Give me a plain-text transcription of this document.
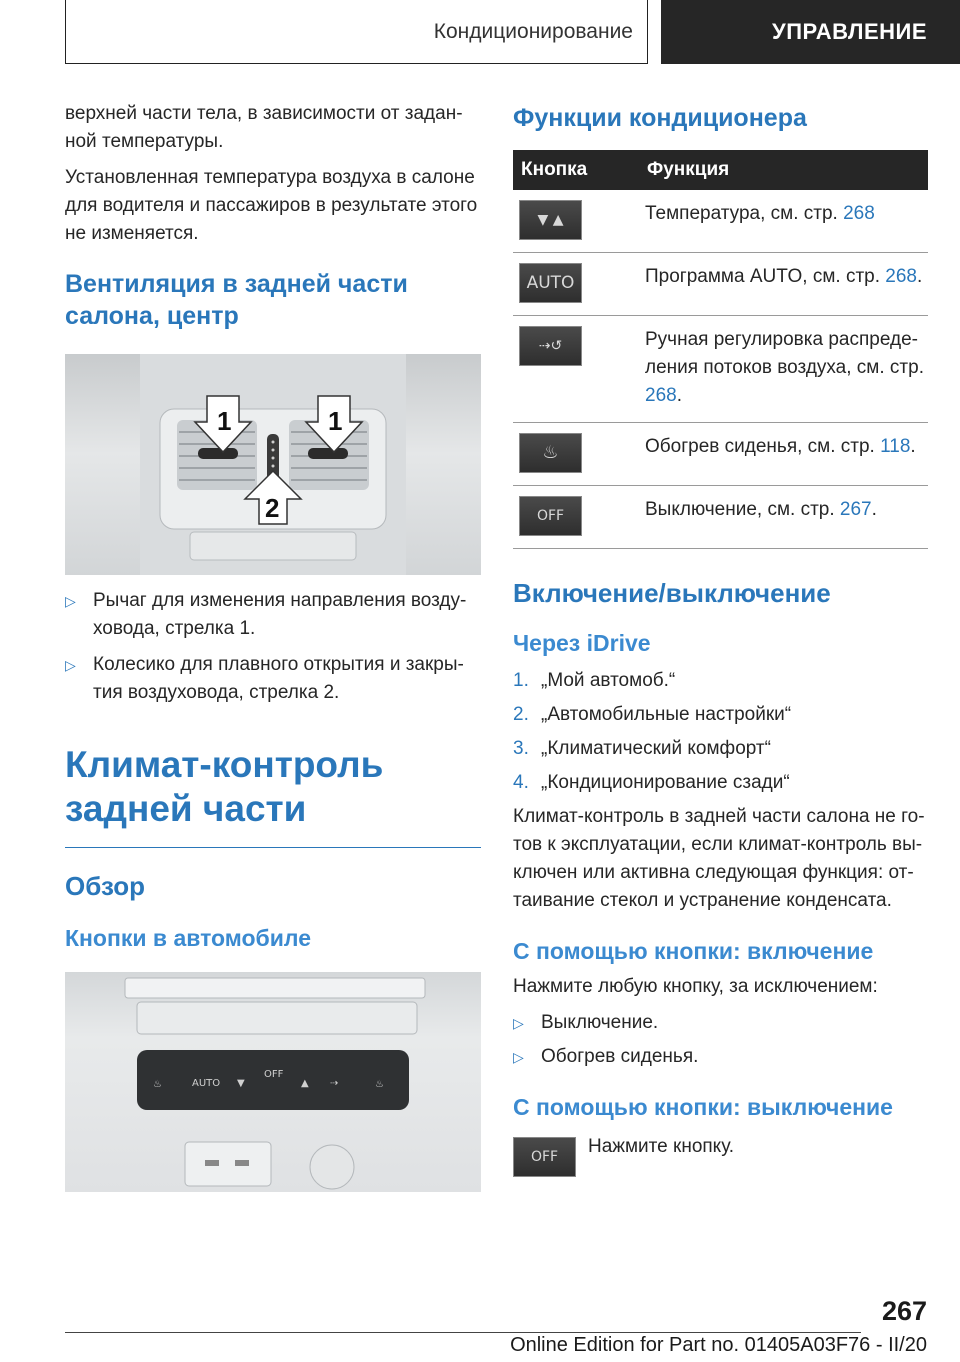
Кондиционирование	УПРАВЛЕНИЕ

верхней части тела, в зависимости от задан-ной температуры.

Установленная температура воздуха в салоне для водителя и пассажиров в результате этого не изменяется.

Вентиляция в задней части салона, центр
1	1
2
▷ Рычаг для изменения направления возду-ховода, стрелка 1.
▷ Колесико для плавного открытия и закры-тия воздуховода, стрелка 2.
Климат-контроль задней части
Обзор
Кнопки в автомобиле
♨	AUTO ▼
OFF
▲ ⇢	♨
Функции кондиционера
Кнопка	Функция

▼ ▲	Температура, см. стр. 268

AUTO	Программа AUTO, см. стр. 268.

⇢↺	Ручная регулировка распреде-ления потоков воздуха, см. стр. 268.

♨	Обогрев сиденья, см. стр. 118.

OFF	Выключение, см. стр. 267.
Включение/выключение
Через iDrive
1. „Мой автомоб.“
2. „Автомобильные настройки“
3. „Климатический комфорт“
4. „Кондиционирование сзади“

Климат-контроль в задней части салона не го-тов к эксплуатации, если климат-контроль вы-ключен или активна следующая функция: от-таивание стекол и устранение конденсата.

С помощью кнопки: включение

Нажмите любую кнопку, за исключением:

▷ Выключение.
▷ Обогрев сиденья.
С помощью кнопки: выключение
OFF	Нажмите кнопку.

267
Online Edition for Part no. 01405A03F76 - II/20
